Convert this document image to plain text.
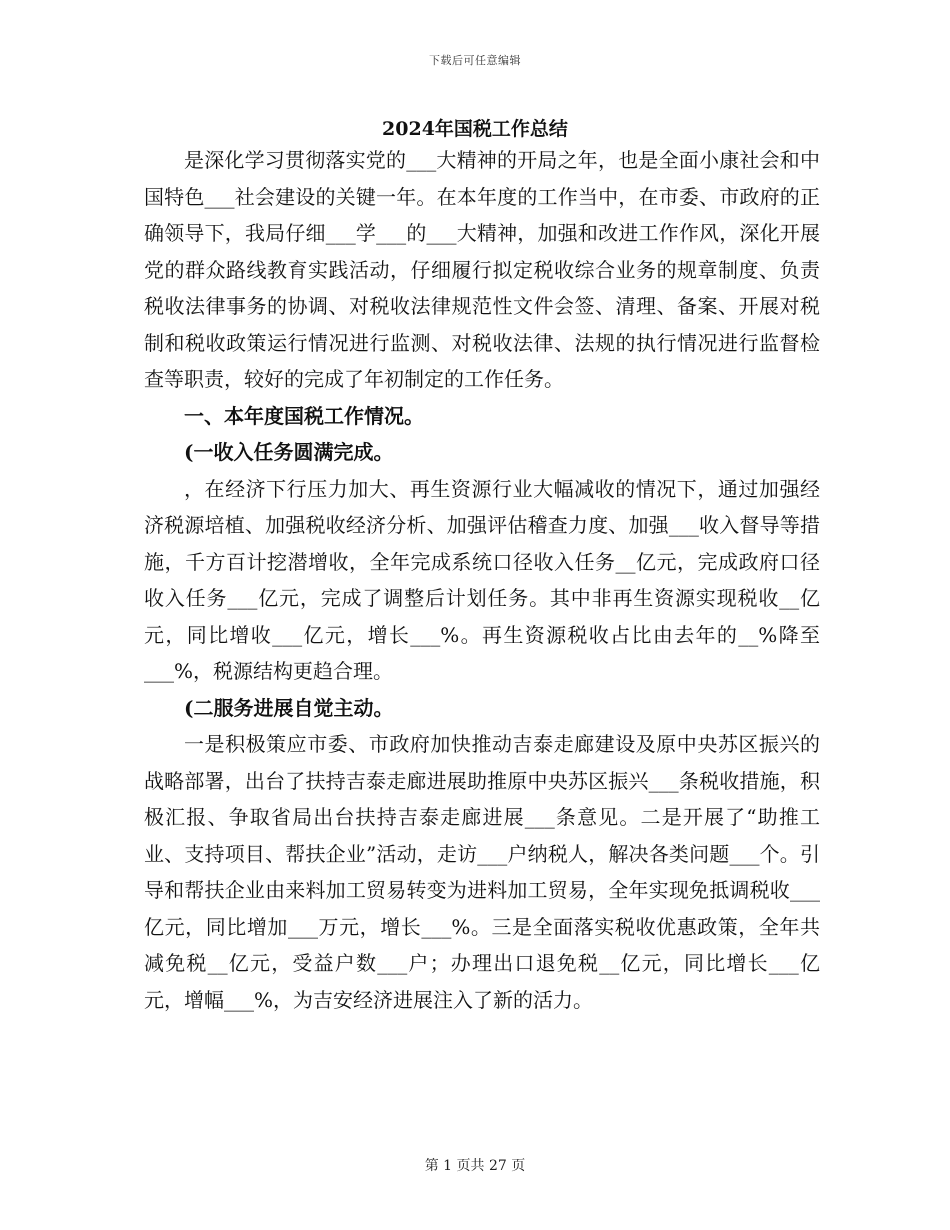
下载后可任意编辑
2024年国税工作总结

是深化学习贯彻落实党的___大精神的开局之年，也是全面小康社会和中国特色___社会建设的关键一年。在本年度的工作当中，在市委、市政府的正确领导下，我局仔细___学___的___大精神，加强和改进工作作风，深化开展党的群众路线教育实践活动，仔细履行拟定税收综合业务的规章制度、负责税收法律事务的协调、对税收法律规范性文件会签、清理、备案、开展对税制和税收政策运行情况进行监测、对税收法律、法规的执行情况进行监督检查等职责，较好的完成了年初制定的工作任务。

一、本年度国税工作情况。

(一收入任务圆满完成。

，在经济下行压力加大、再生资源行业大幅减收的情况下，通过加强经济税源培植、加强税收经济分析、加强评估稽查力度、加强___收入督导等措施，千方百计挖潜增收，全年完成系统口径收入任务__亿元，完成政府口径收入任务___亿元，完成了调整后计划任务。其中非再生资源实现税收__亿元，同比增收___亿元，增长___%。再生资源税收占比由去年的__%降至___%，税源结构更趋合理。

(二服务进展自觉主动。

一是积极策应市委、市政府加快推动吉泰走廊建设及原中央苏区振兴的战略部署，出台了扶持吉泰走廊进展助推原中央苏区振兴___条税收措施，积极汇报、争取省局出台扶持吉泰走廊进展___条意见。二是开展了“助推工业、支持项目、帮扶企业”活动，走访___户纳税人，解决各类问题___个。引导和帮扶企业由来料加工贸易转变为进料加工贸易，全年实现免抵调税收___亿元，同比增加___万元，增长___%。三是全面落实税收优惠政策，全年共减免税__亿元，受益户数___户；办理出口退免税__亿元，同比增长___亿元，增幅___%，为吉安经济进展注入了新的活力。

第 1 页共 27 页
